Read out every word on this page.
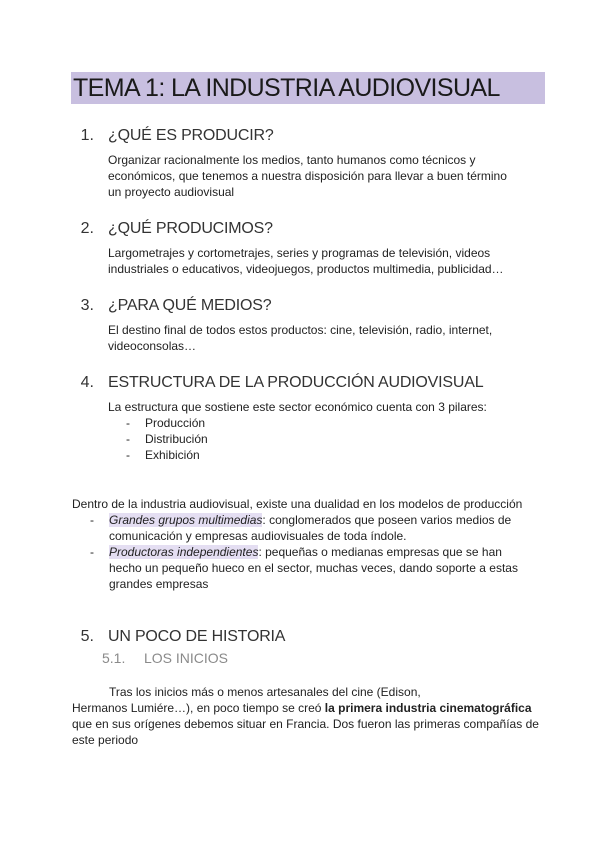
TEMA 1: LA INDUSTRIA AUDIOVISUAL
1. ¿QUÉ ES PRODUCIR?
Organizar racionalmente los medios, tanto humanos como técnicos y económicos, que tenemos a nuestra disposición para llevar a buen término un proyecto audiovisual
2. ¿QUÉ PRODUCIMOS?
Largometrajes y cortometrajes, series y programas de televisión, videos industriales o educativos, videojuegos, productos multimedia, publicidad…
3. ¿PARA QUÉ MEDIOS?
El destino final de todos estos productos: cine, televisión, radio, internet, videoconsolas…
4. ESTRUCTURA DE LA PRODUCCIÓN AUDIOVISUAL
La estructura que sostiene este sector económico cuenta con 3 pilares:
- Producción
- Distribución
- Exhibición
Dentro de la industria audiovisual, existe una dualidad en los modelos de producción
- Grandes grupos multimedias: conglomerados que poseen varios medios de comunicación y empresas audiovisuales de toda índole.
- Productoras independientes: pequeñas o medianas empresas que se han hecho un pequeño hueco en el sector, muchas veces, dando soporte a estas grandes empresas
5. UN POCO DE HISTORIA
5.1. LOS INICIOS

Tras los inicios más o menos artesanales del cine (Edison,

Hermanos Lumiére…), en poco tiempo se creó la primera industria cinematográfica

que en sus orígenes debemos situar en Francia. Dos fueron las primeras compañías de este periodo
